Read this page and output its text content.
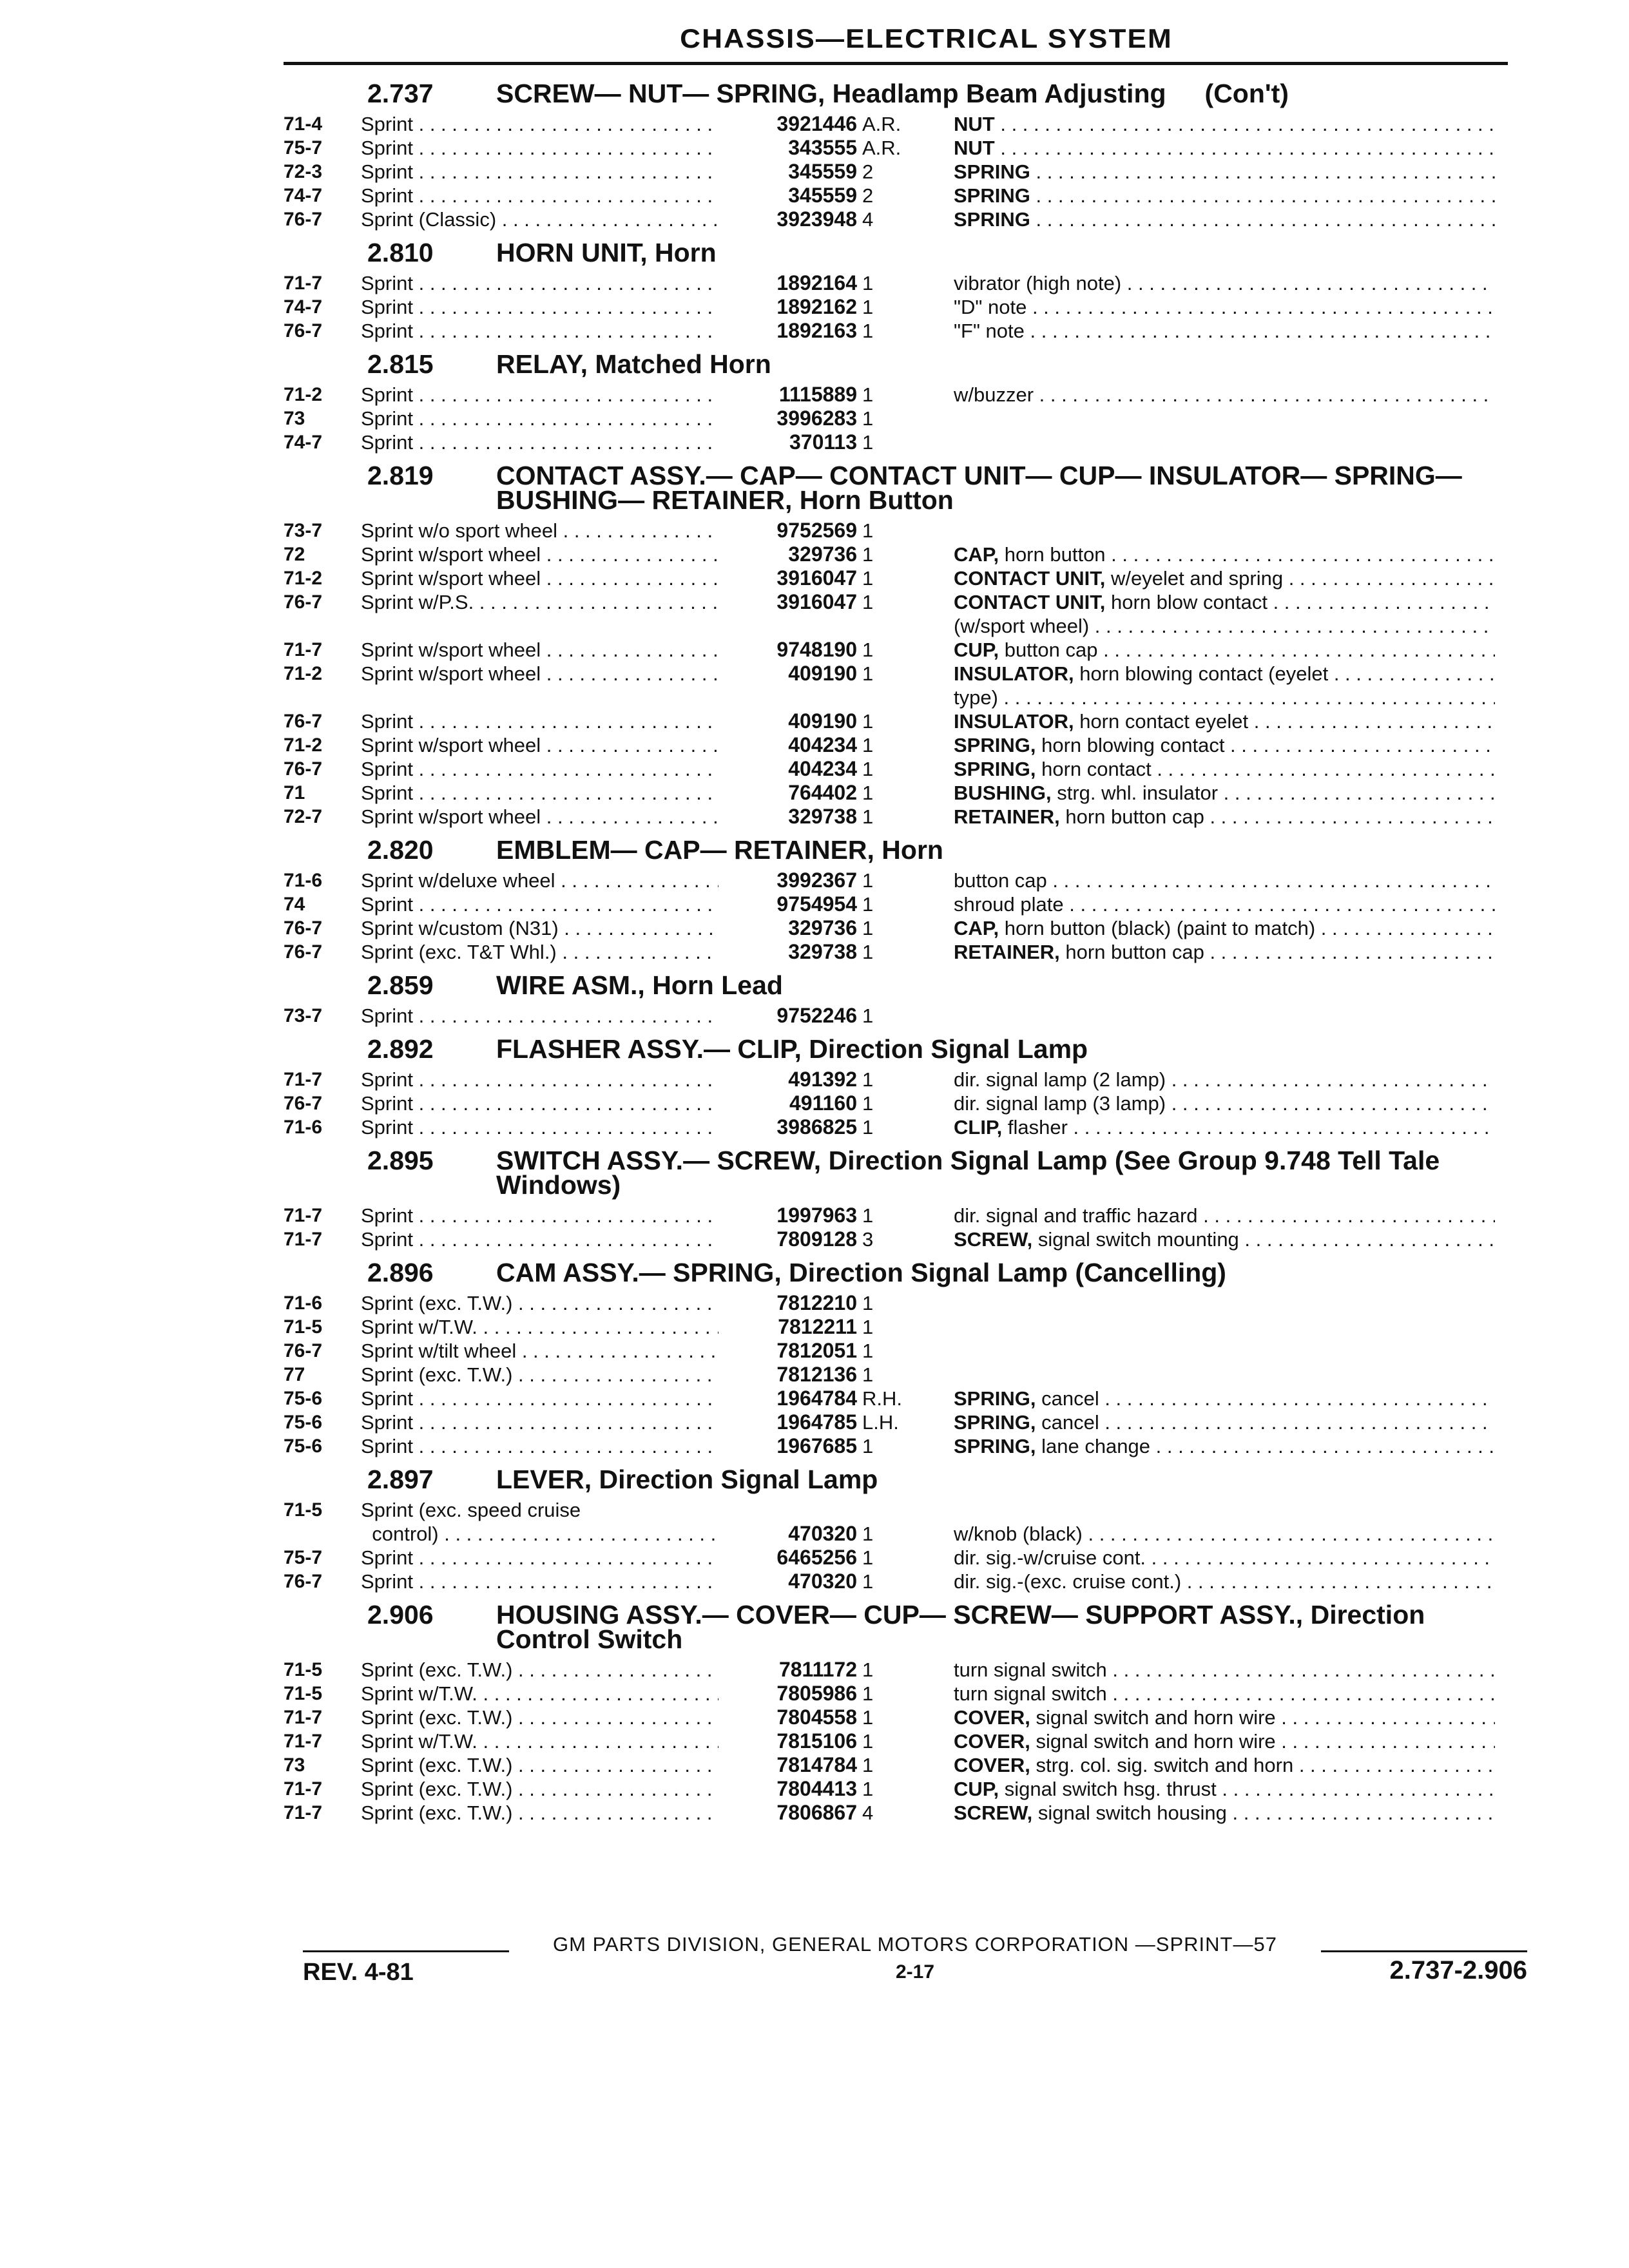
CHASSIS—ELECTRICAL SYSTEM
2.737	SCREW— NUT— SPRING, Headlamp Beam Adjusting (Con't)
71-4	Sprint . . .	3921446 A.R.	NUT . . .
75-7	Sprint . . .	343555 A.R.	NUT . . .
72-3	Sprint . . .	345559 2	SPRING . . .
74-7	Sprint . . .	345559 2	SPRING . . .
76-7	Sprint (Classic) . . .	3923948 4	SPRING . . .
2.810	HORN UNIT, Horn
71-7	Sprint . . .	1892164 1	vibrator (high note) . . .
74-7	Sprint . . .	1892162 1	"D" note . . .
76-7	Sprint . . .	1892163 1	"F" note . . .
2.815	RELAY, Matched Horn
71-2	Sprint . . .	1115889 1	w/buzzer . . .
73	Sprint . . .	3996283 1
74-7	Sprint . . .	370113 1
2.819	CONTACT ASSY.— CAP— CONTACT UNIT— CUP— INSULATOR— SPRING— BUSHING— RETAINER, Horn Button
73-7	Sprint w/o sport wheel . . .	9752569 1
72	Sprint w/sport wheel . . .	329736 1	CAP, horn button . . .
71-2	Sprint w/sport wheel . . .	3916047 1	CONTACT UNIT, w/eyelet and spring . . .
76-7	Sprint w/P.S. . . .	3916047 1	CONTACT UNIT, horn blow contact . . .
(w/sport wheel) . . .
71-7	Sprint w/sport wheel . . .	9748190 1	CUP, button cap . . .
71-2	Sprint w/sport wheel . . .	409190 1	INSULATOR, horn blowing contact (eyelet . . .
type) . . .
76-7	Sprint . . .	409190 1	INSULATOR, horn contact eyelet . . .
71-2	Sprint w/sport wheel . . .	404234 1	SPRING, horn blowing contact . . .
76-7	Sprint . . .	404234 1	SPRING, horn contact . . .
71	Sprint . . .	764402 1	BUSHING, strg. whl. insulator . . .
72-7	Sprint w/sport wheel . . .	329738 1	RETAINER, horn button cap . . .
2.820	EMBLEM— CAP— RETAINER, Horn
71-6	Sprint w/deluxe wheel . . .	3992367 1	button cap . . .
74	Sprint . . .	9754954 1	shroud plate . . .
76-7	Sprint w/custom (N31) . . .	329736 1	CAP, horn button (black) (paint to match) . . .
76-7	Sprint (exc. T&T Whl.) . . .	329738 1	RETAINER, horn button cap . . .
2.859	WIRE ASM., Horn Lead
73-7	Sprint . . .	9752246 1
2.892	FLASHER ASSY.— CLIP, Direction Signal Lamp
71-7	Sprint . . .	491392 1	dir. signal lamp (2 lamp) . . .
76-7	Sprint . . .	491160 1	dir. signal lamp (3 lamp) . . .
71-6	Sprint . . .	3986825 1	CLIP, flasher . . .
2.895	SWITCH ASSY.— SCREW, Direction Signal Lamp (See Group 9.748 Tell Tale Windows)
71-7	Sprint . . .	1997963 1	dir. signal and traffic hazard . . .
71-7	Sprint . . .	7809128 3	SCREW, signal switch mounting . . .
2.896	CAM ASSY.— SPRING, Direction Signal Lamp (Cancelling)
71-6	Sprint (exc. T.W.) . . .	7812210 1
71-5	Sprint w/T.W. . . .	7812211 1
76-7	Sprint w/tilt wheel . . .	7812051 1
77	Sprint (exc. T.W.) . . .	7812136 1
75-6	Sprint . . .	1964784 R.H.	SPRING, cancel . . .
75-6	Sprint . . .	1964785 L.H.	SPRING, cancel . . .
75-6	Sprint . . .	1967685 1	SPRING, lane change . . .
2.897	LEVER, Direction Signal Lamp
71-5	Sprint (exc. speed cruise
control) . . .	470320 1	w/knob (black) . . .
75-7	Sprint . . .	6465256 1	dir. sig.-w/cruise cont. . . .
76-7	Sprint . . .	470320 1	dir. sig.-(exc. cruise cont.) . . .
2.906	HOUSING ASSY.— COVER— CUP— SCREW— SUPPORT ASSY., Direction Control Switch
71-5	Sprint (exc. T.W.) . . .	7811172 1	turn signal switch . . .
71-5	Sprint w/T.W. . . .	7805986 1	turn signal switch . . .
71-7	Sprint (exc. T.W.) . . .	7804558 1	COVER, signal switch and horn wire . . .
71-7	Sprint w/T.W. . . .	7815106 1	COVER, signal switch and horn wire . . .
73	Sprint (exc. T.W.) . . .	7814784 1	COVER, strg. col. sig. switch and horn . . .
71-7	Sprint (exc. T.W.) . . .	7804413 1	CUP, signal switch hsg. thrust . . .
71-7	Sprint (exc. T.W.) . . .	7806867 4	SCREW, signal switch housing . . .
GM PARTS DIVISION, GENERAL MOTORS CORPORATION —SPRINT—57
REV. 4-81	2-17	2.737-2.906
